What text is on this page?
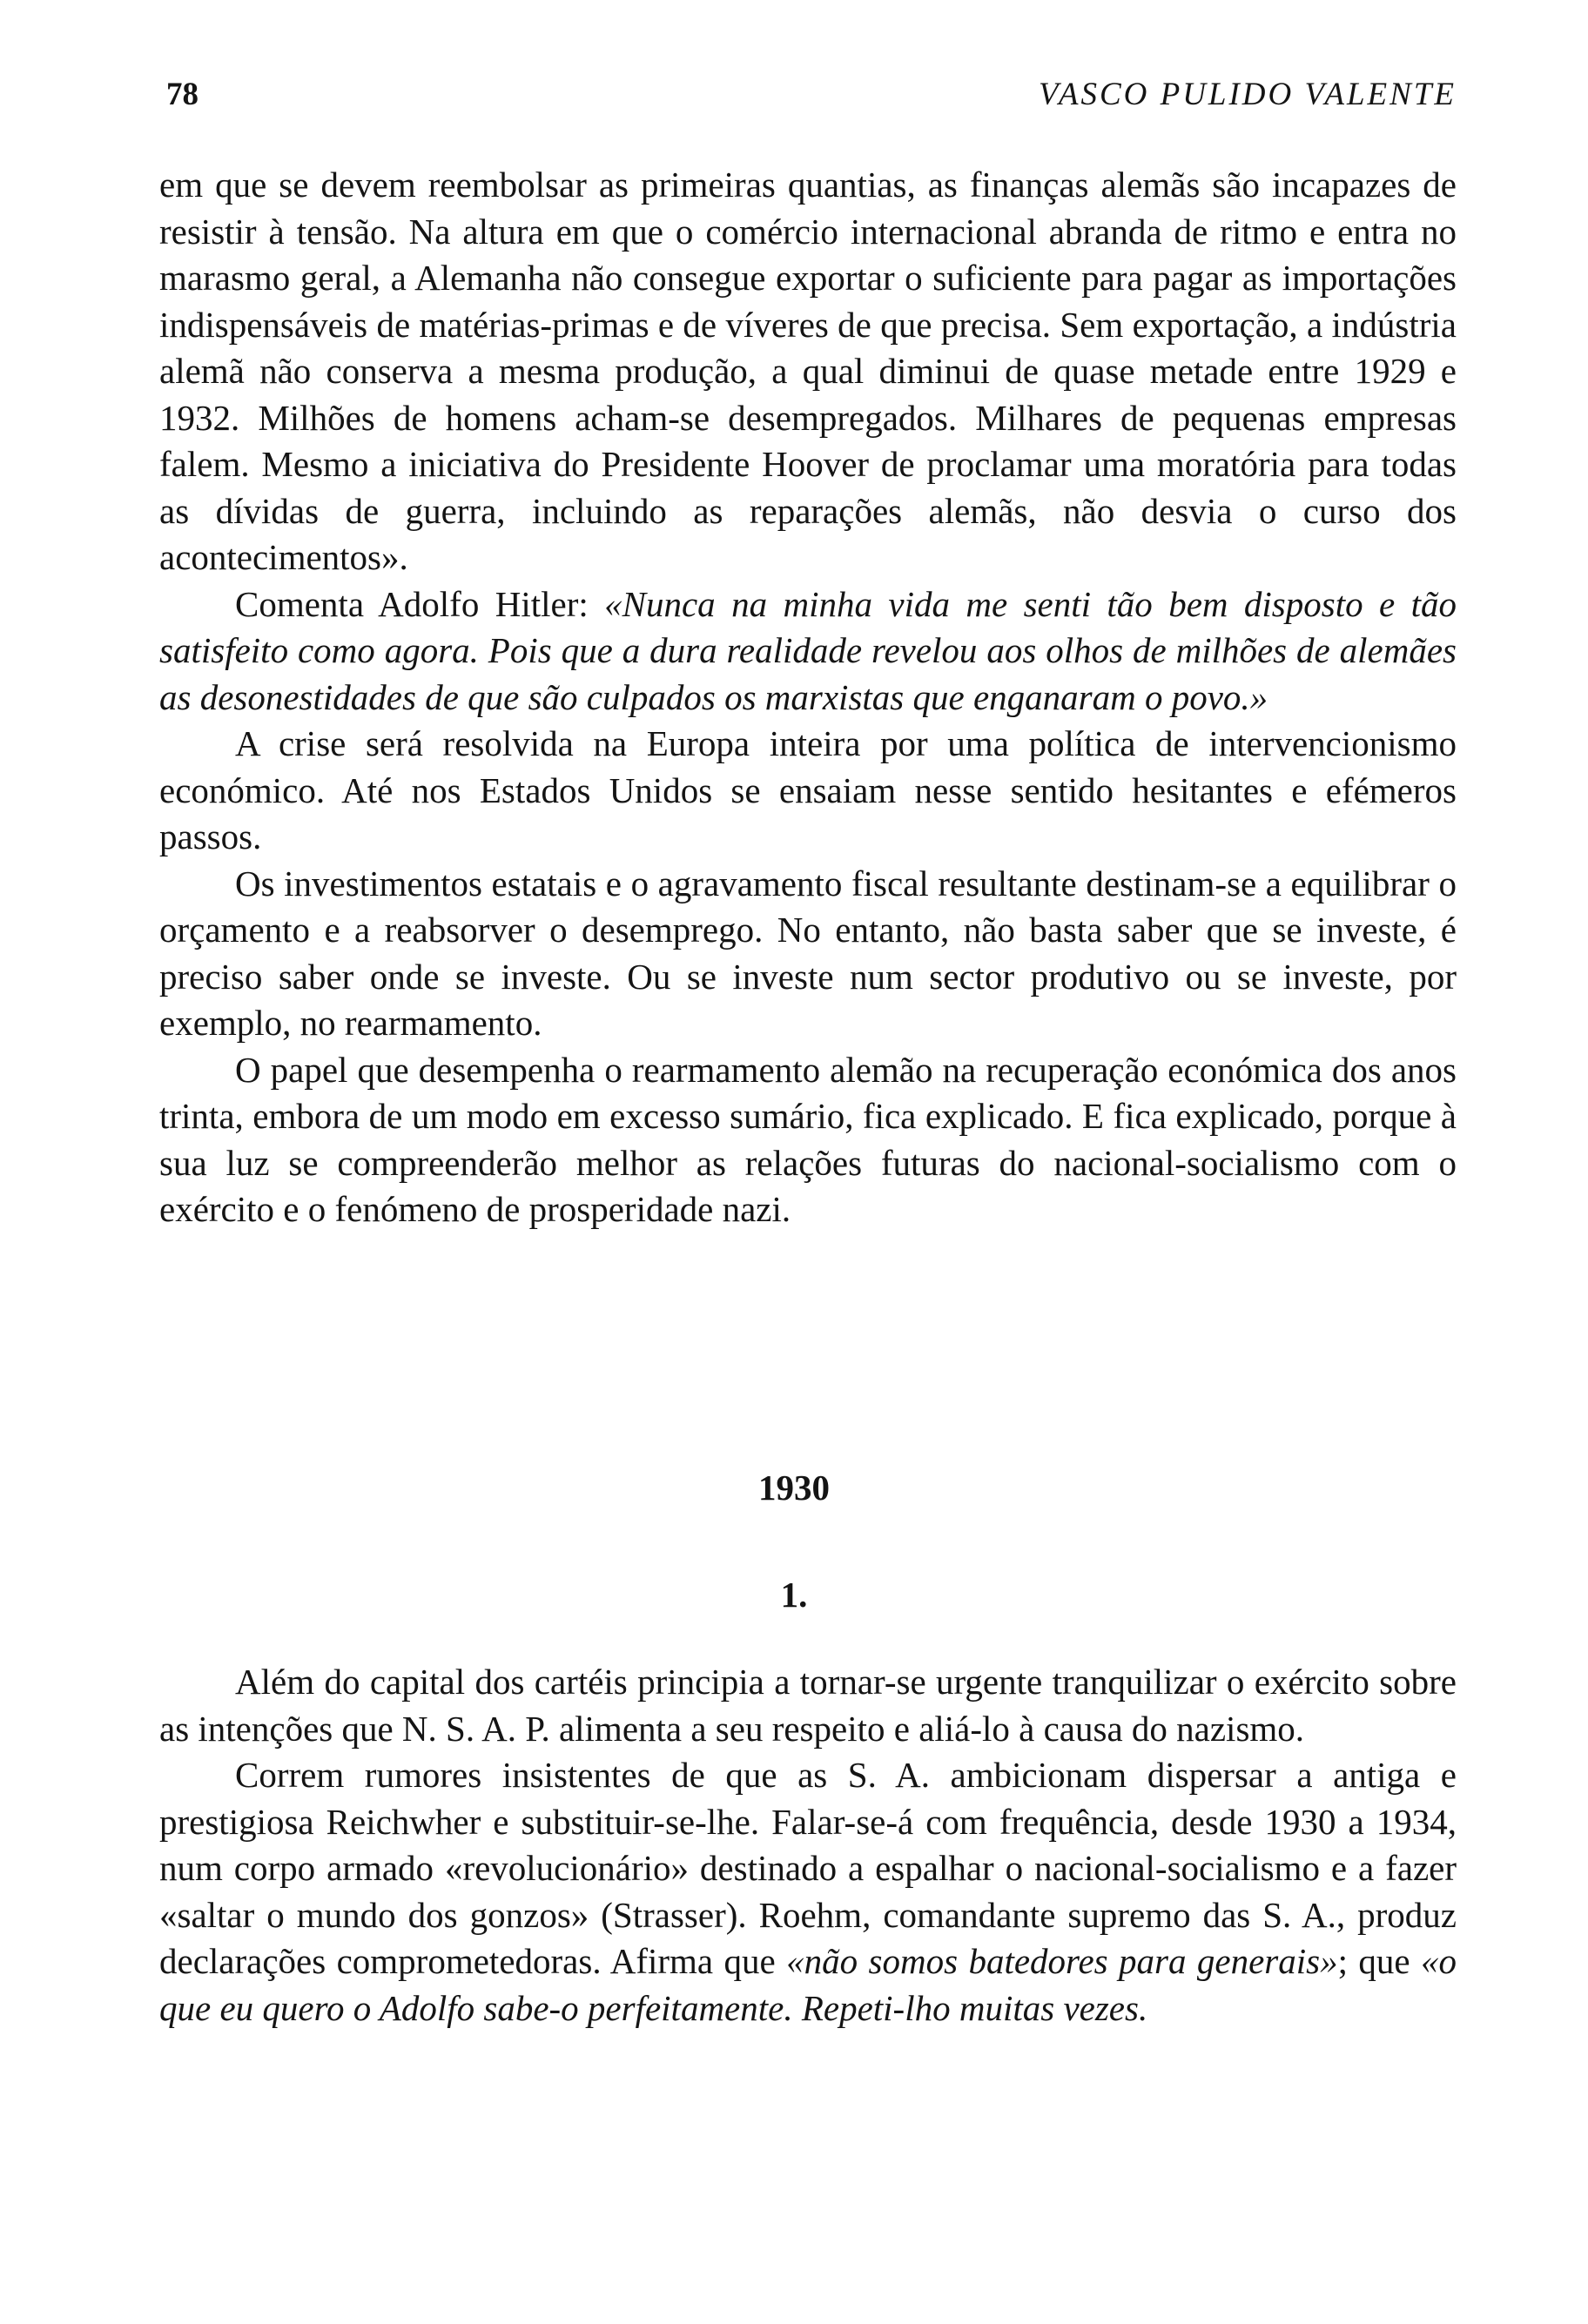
78	VASCO PULIDO VALENTE

em que se devem reembolsar as primeiras quantias, as finanças alemãs são incapazes de resistir à tensão. Na altura em que o comércio internacional abranda de ritmo e entra no marasmo geral, a Alemanha não consegue exportar o suficiente para pagar as importações indispensáveis de matérias-primas e de víveres de que precisa. Sem exportação, a indústria alemã não conserva a mesma produção, a qual diminui de quase metade entre 1929 e 1932. Milhões de homens acham-se desempregados. Milhares de pequenas empresas falem. Mesmo a iniciativa do Presidente Hoover de proclamar uma moratória para todas as dívidas de guerra, incluindo as reparações alemãs, não desvia o curso dos acontecimentos».

Comenta Adolfo Hitler: «Nunca na minha vida me senti tão bem disposto e tão satisfeito como agora. Pois que a dura realidade revelou aos olhos de milhões de alemães as desonestidades de que são culpados os marxistas que enganaram o povo.»

A crise será resolvida na Europa inteira por uma política de intervencionismo económico. Até nos Estados Unidos se ensaiam nesse sentido hesitantes e efémeros passos.

Os investimentos estatais e o agravamento fiscal resultante destinam-se a equilibrar o orçamento e a reabsorver o desemprego. No entanto, não basta saber que se investe, é preciso saber onde se investe. Ou se investe num sector produtivo ou se investe, por exemplo, no rearmamento.

O papel que desempenha o rearmamento alemão na recuperação económica dos anos trinta, embora de um modo em excesso sumário, fica explicado. E fica explicado, porque à sua luz se compreenderão melhor as relações futuras do nacional-socialismo com o exército e o fenómeno de prosperidade nazi.

1930
1.

Além do capital dos cartéis principia a tornar-se urgente tranquilizar o exército sobre as intenções que N. S. A. P. alimenta a seu respeito e aliá-lo à causa do nazismo.

Correm rumores insistentes de que as S. A. ambicionam dispersar a antiga e prestigiosa Reichwher e substituir-se-lhe. Falar-se-á com frequência, desde 1930 a 1934, num corpo armado «revolucionário» destinado a espalhar o nacional-socialismo e a fazer «saltar o mundo dos gonzos» (Strasser). Roehm, comandante supremo das S. A., produz declarações comprometedoras. Afirma que «não somos batedores para generais»; que «o que eu quero o Adolfo sabe-o perfeitamente. Repeti-lho muitas vezes.
